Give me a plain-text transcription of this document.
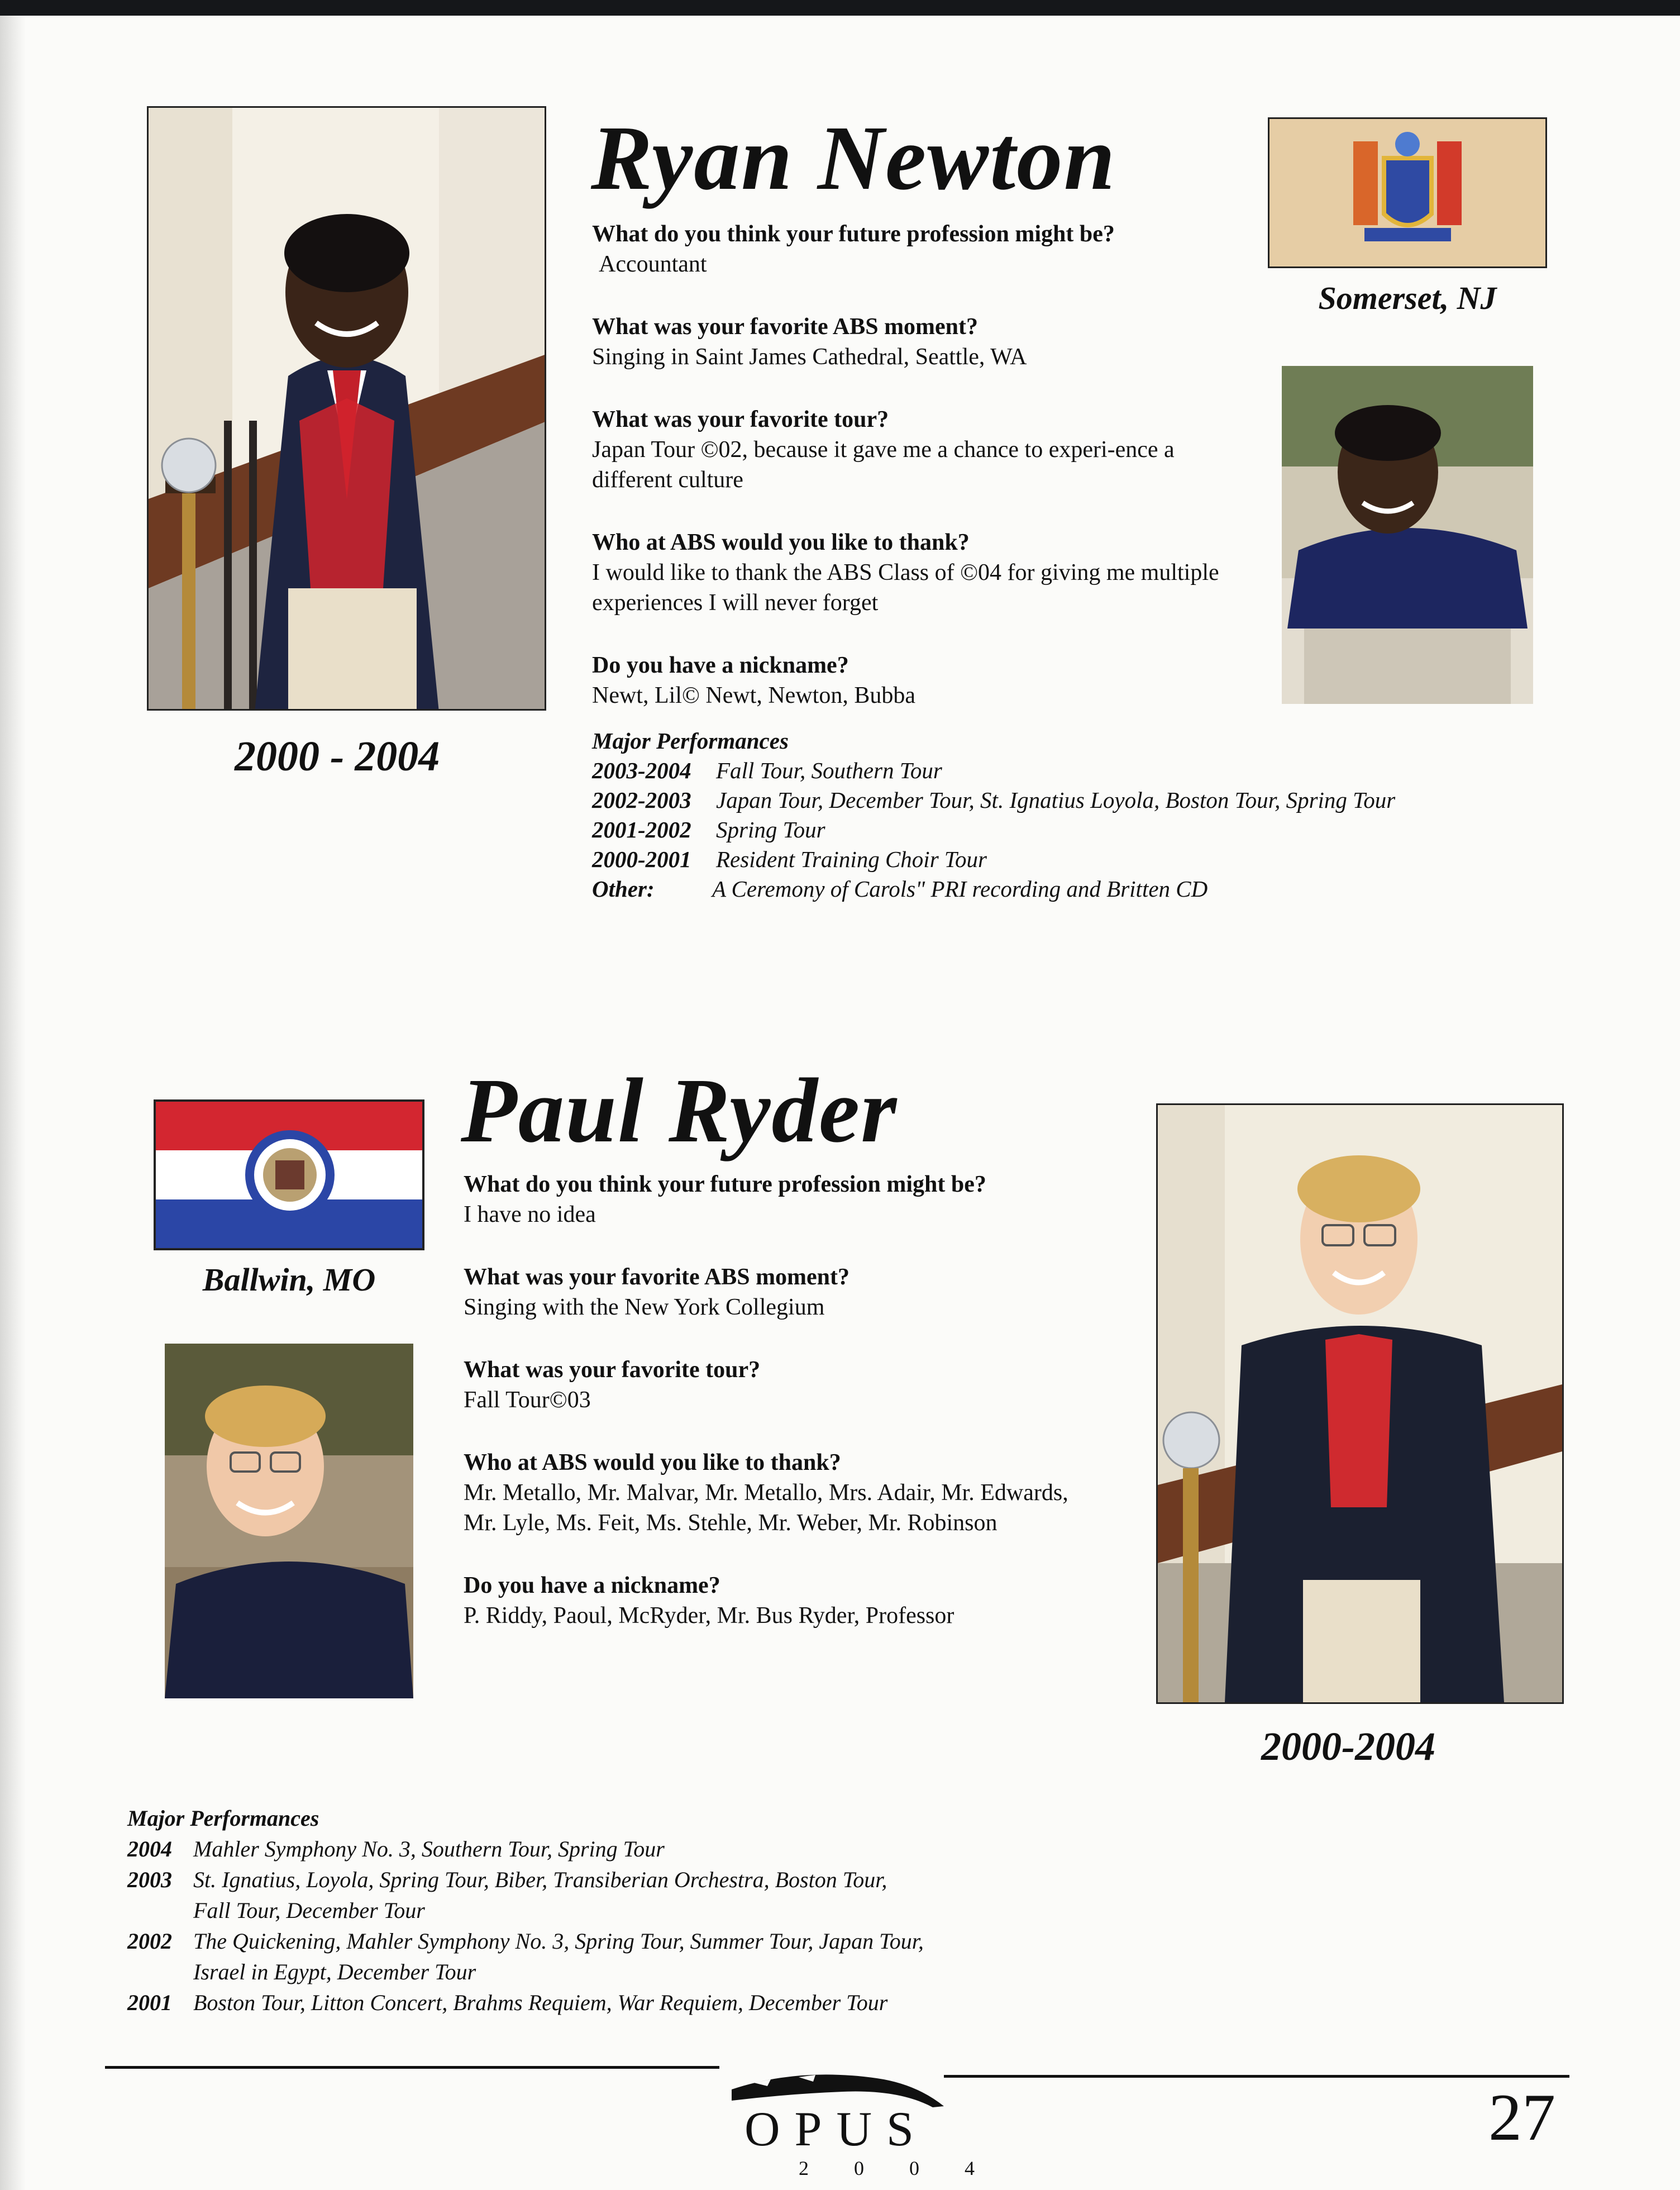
2000 - 2004
Ryan Newton
What do you think your future profession might be?
Accountant
What was your favorite ABS moment?
Singing in Saint James Cathedral, Seattle, WA
What was your favorite tour?
Japan Tour ©02, because it gave me a chance to experi-ence a different culture
Who at ABS would you like to thank?
I would like to thank the ABS Class of ©04 for giving me multiple experiences I will never forget
Do you have a nickname?
Newt, Lil© Newt, Newton, Bubba
Major Performances
2003-2004	Fall Tour, Southern Tour
2002-2003	Japan Tour, December Tour, St. Ignatius Loyola, Boston Tour, Spring Tour
2001-2002	Spring Tour
2000-2001	Resident Training Choir Tour
Other:	A Ceremony of Carols" PRI recording and Britten CD
Somerset, NJ
Ballwin, MO
Paul Ryder
What do you think your future profession might be?
I have no idea
What was your favorite ABS moment?
Singing with the New York Collegium
What was your favorite tour?
Fall Tour©03
Who at ABS would you like to thank?
Mr. Metallo, Mr. Malvar, Mr. Metallo, Mrs. Adair, Mr. Edwards, Mr. Lyle, Ms. Feit, Ms. Stehle, Mr. Weber, Mr. Robinson
Do you have a nickname?
P. Riddy, Paoul, McRyder, Mr. Bus Ryder, Professor
2000-2004
Major Performances
2004 Mahler Symphony No. 3, Southern Tour, Spring Tour
2003 St. Ignatius, Loyola, Spring Tour, Biber, Transiberian Orchestra, Boston Tour,
Fall Tour, December Tour
2002 The Quickening, Mahler Symphony No. 3, Spring Tour, Summer Tour, Japan Tour,
Israel in Egypt, December Tour
2001 Boston Tour, Litton Concert, Brahms Requiem, War Requiem, December Tour
OPUS
2 0 0 4
27
